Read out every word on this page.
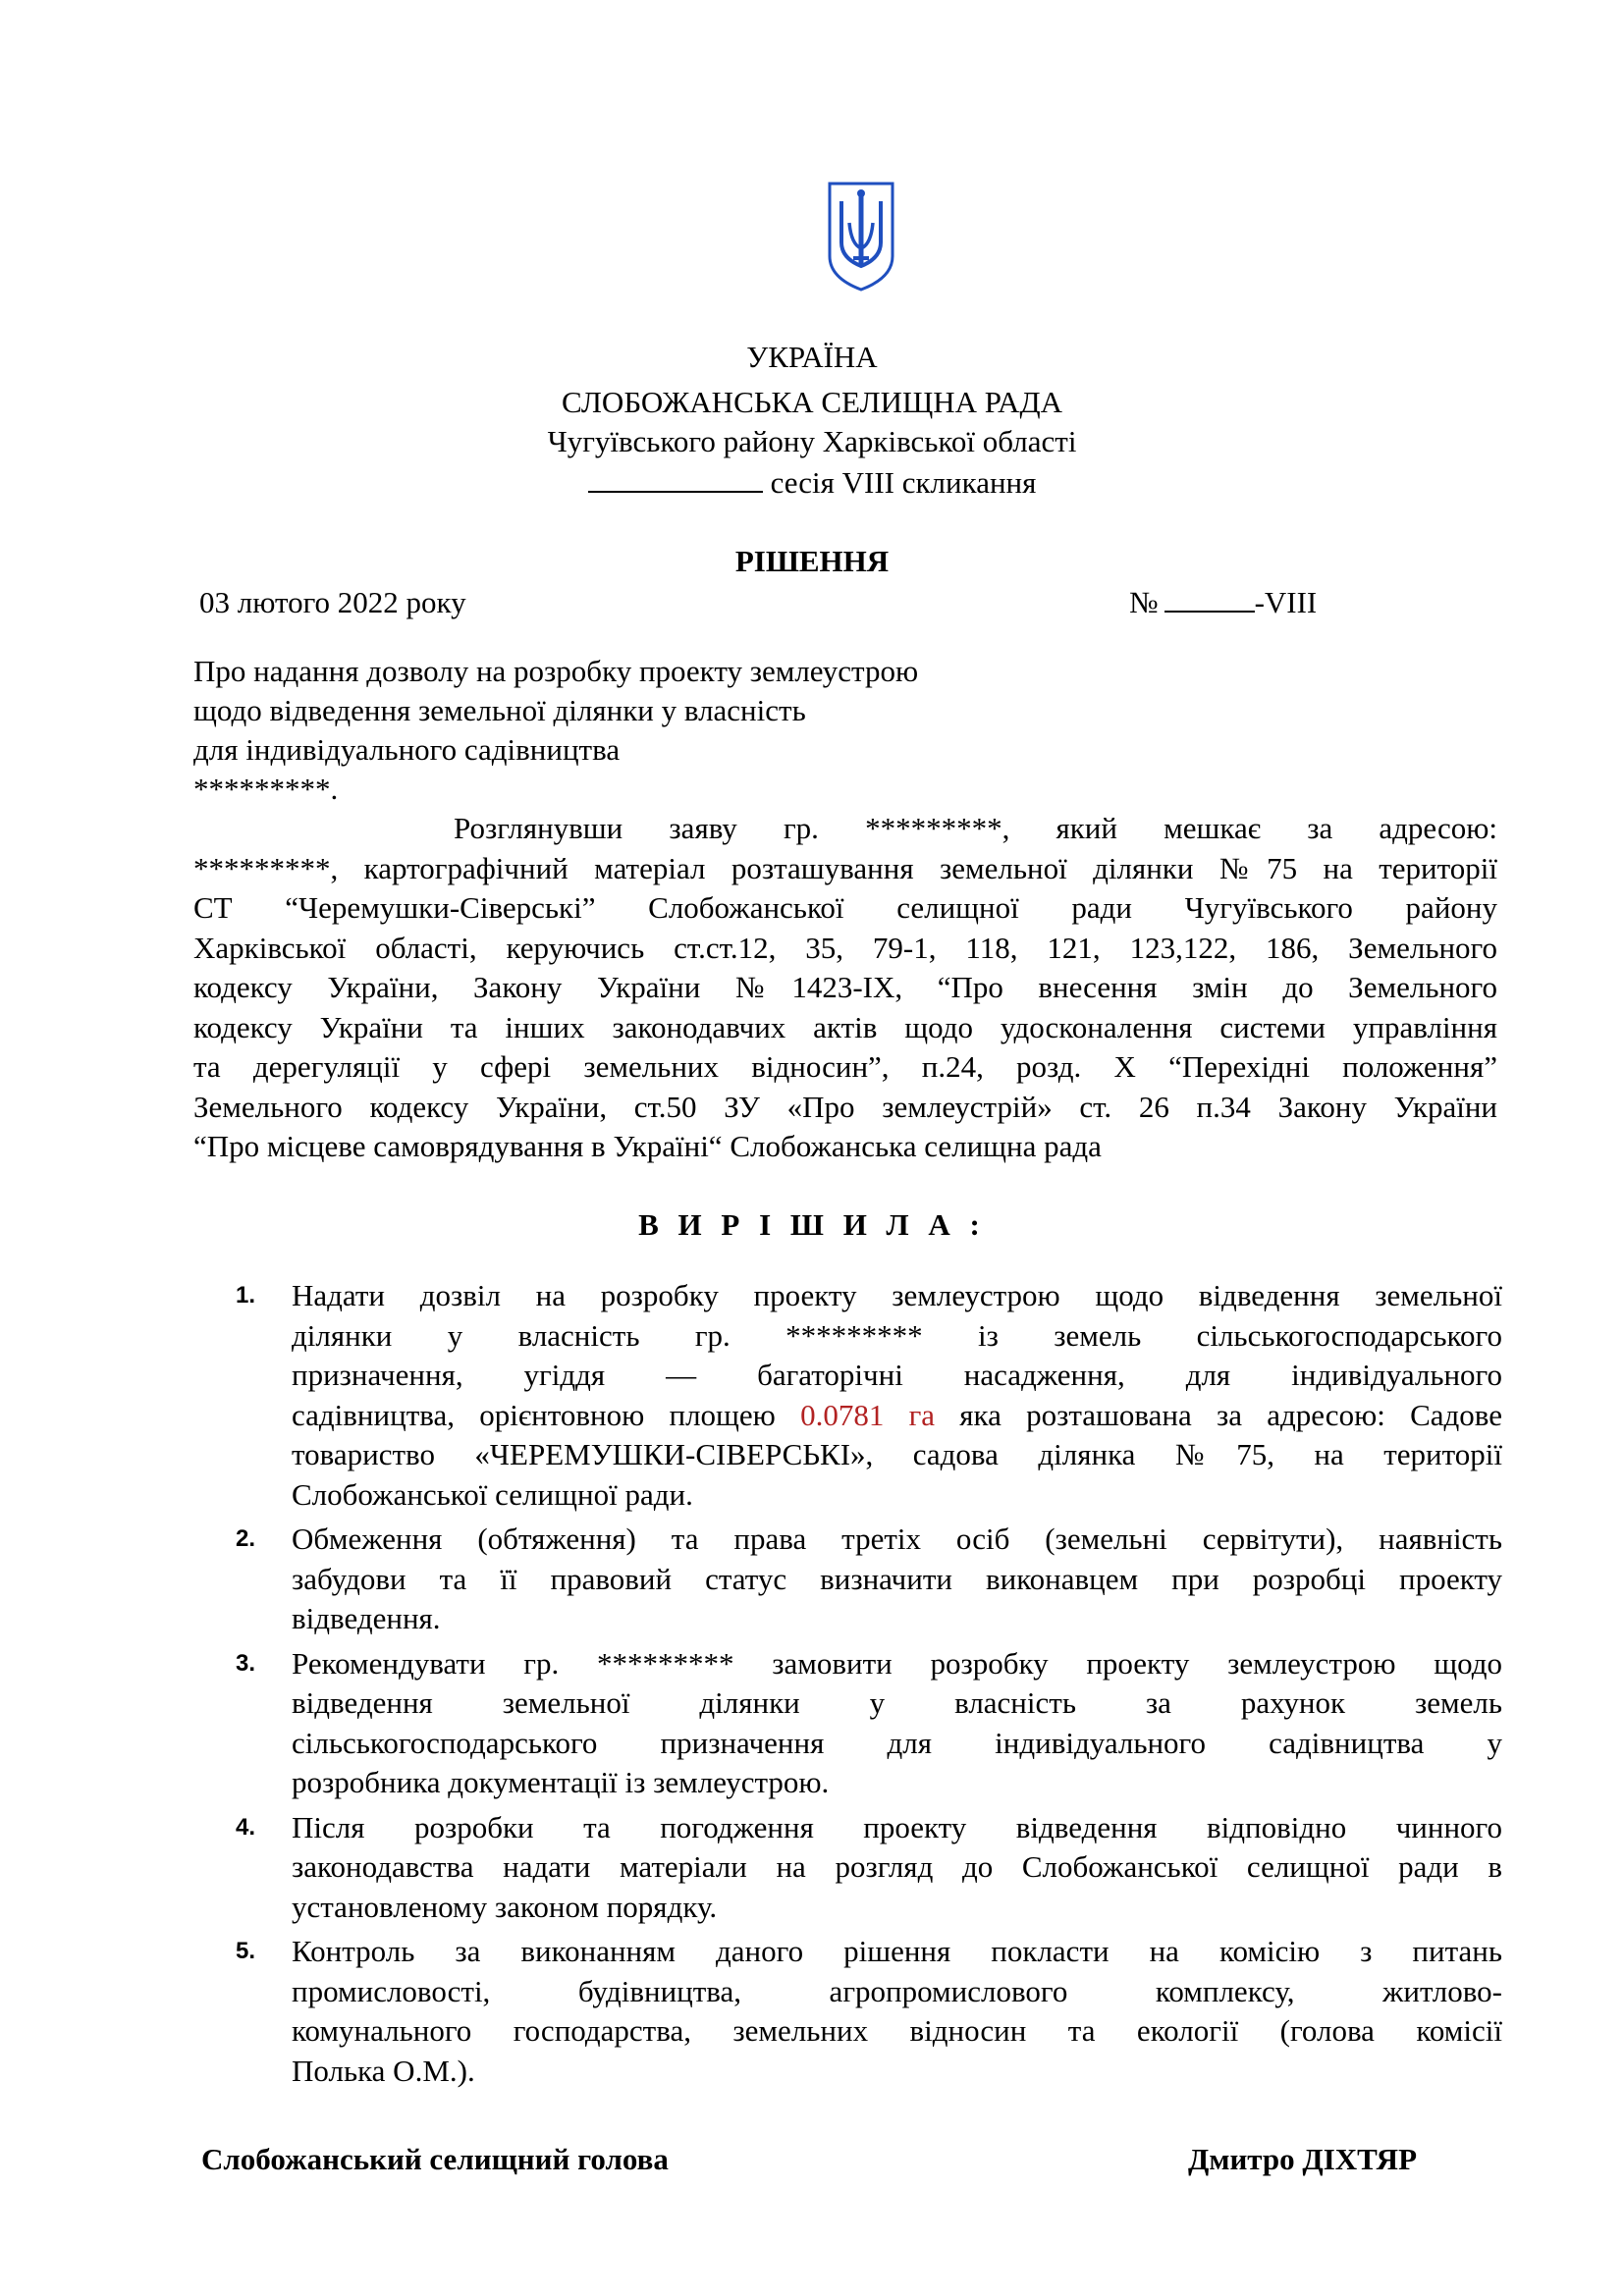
УКРАЇНА
СЛОБОЖАНСЬКА СЕЛИЩНА РАДА
Чугуївського району Харківської області
сесія VIII скликання
РІШЕННЯ
03 лютого 2022 року	№	-VIII
Про надання дозволу на розробку проекту землеустрою
щодо відведення земельної ділянки у власність
для індивідуального садівництва
*********.
Розглянувши заяву гр. *********, який мешкає за адресою:
*********, картографічний матеріал розташування земельної ділянки №75 на території
СТ “Черемушки-Сіверські” Слобожанської селищної ради Чугуївського району
Харківської області, керуючись ст.ст.12, 35, 79-1, 118, 121, 123,122, 186, Земельного
кодексу України, Закону України №1423-IX, “Про внесення змін до Земельного
кодексу України та інших законодавчих актів щодо удосконалення системи управління
та дерегуляції у сфері земельних відносин”, п.24, розд. X “Перехідні положення”
Земельного кодексу України, ст.50 ЗУ «Про землеустрій» ст. 26 п.34 Закону України
“Про місцеве самоврядування в Україні“ Слобожанська селищна рада
В И Р І Ш И Л А :
1.	Надати дозвіл на розробку проекту землеустрою щодо відведення земельної
ділянки у власність гр. ********* із земель сільськогосподарського
призначення, угіддя — багаторічні насадження, для індивідуального
садівництва, орієнтовною площею 0.0781 га яка розташована за адресою: Садове
товариство «ЧЕРЕМУШКИ-СІВЕРСЬКІ», садова ділянка №75, на території
Слобожанської селищної ради.
2.	Обмеження (обтяження) та права третіх осіб (земельні сервітути), наявність
забудови та її правовий статус визначити виконавцем при розробці проекту
відведення.
3.	Рекомендувати гр. ********* замовити розробку проекту землеустрою щодо
відведення земельної ділянки у власність за рахунок земель
сільськогосподарського призначення для індивідуального садівництва у
розробника документації із землеустрою.
4.	Після розробки та погодження проекту відведення відповідно чинного
законодавства надати матеріали на розгляд до Слобожанської селищної ради в
установленому законом порядку.
5.	Контроль за виконанням даного рішення покласти на комісію з питань
промисловості, будівництва, агропромислового комплексу, житлово-
комунального господарства, земельних відносин та екології (голова комісії
Полька О.М.).
Слобожанський селищний голова	Дмитро ДІХТЯР
